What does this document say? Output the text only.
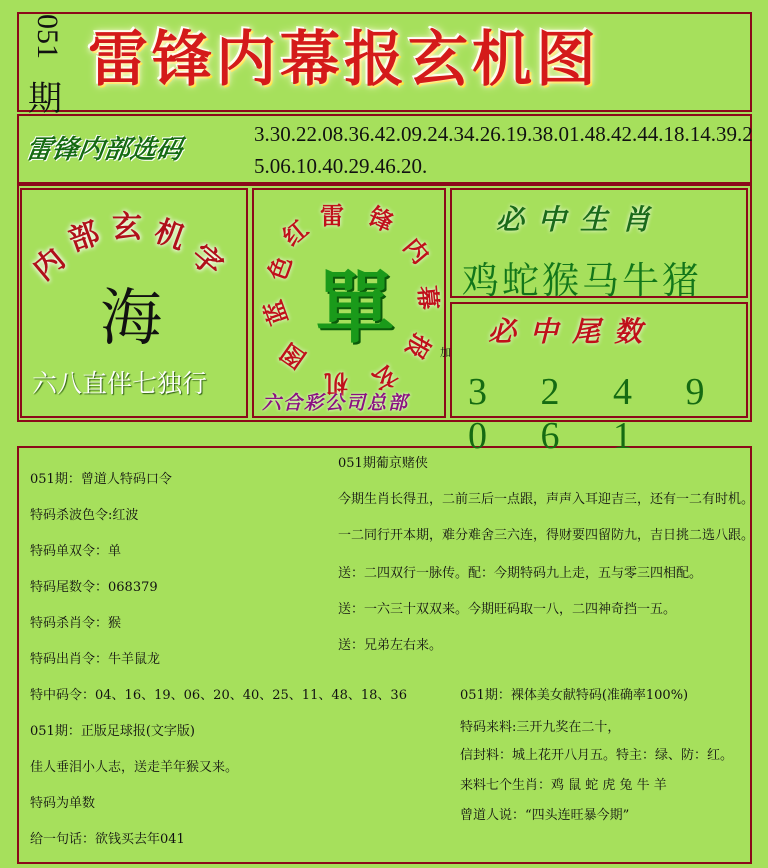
051
期
雷锋内幕报玄机图
雷锋内部选码
3.30.22.08.36.42.09.24.34.26.19.38.01.48.42.44.18.14.39.25.06.10.40.29.46.20.
内
部 玄 机
字
海
六八直伴七独行
雷 锋
内
幕
报
玄
机
图
蓝
色
红
單
六合彩公司总部
必中生肖
鸡蛇猴马牛猪
加
必中尾数
3 2 4 9 0 6 1
051期：曾道人特码口令
特码杀波色令:红波
特码单双令：单
特码尾数令：068379
特码杀肖令：猴
特码出肖令：牛羊鼠龙
特中码令：04、16、19、06、20、40、25、11、48、18、36
051期：正版足球报(文字版)
佳人垂泪小人志，送走羊年猴又来。
特码为单数
给一句话：欲钱买去年041
051期葡京赌侠
今期生肖长得丑，二前三后一点跟，声声入耳迎吉三，还有一二有时机。
一二同行开本期，难分难舍三六连，得财要四留防九，吉日挑二选八跟。
送：二四双行一脉传。配：今期特码九上走，五与零三四相配。
送：一六三十双双来。今期旺码取一八，二四神奇挡一五。
送：兄弟左右来。
051期：裸体美女献特码(准确率100%)
特码来料:三开九奖在二十，
信封料：城上花开八月五。特主：绿、防：红。
来料七个生肖：鸡 鼠 蛇 虎 兔 牛 羊
曾道人说：“四头连旺暴今期”
